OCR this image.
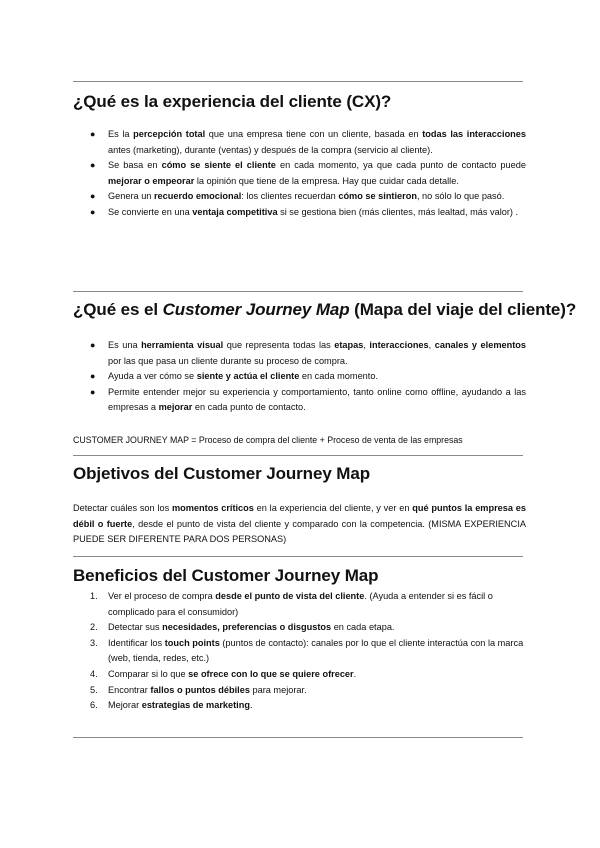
¿Qué es la experiencia del cliente (CX)?
● Es la percepción total que una empresa tiene con un cliente, basada en todas las interacciones antes (marketing), durante (ventas) y después de la compra (servicio al cliente).
● Se basa en cómo se siente el cliente en cada momento, ya que cada punto de contacto puede mejorar o empeorar la opinión que tiene de la empresa. Hay que cuidar cada detalle.
● Genera un recuerdo emocional: los clientes recuerdan cómo se sintieron, no sólo lo que pasó.
● Se convierte en una ventaja competitiva si se gestiona bien (más clientes, más lealtad, más valor) .
¿Qué es el Customer Journey Map (Mapa del viaje del cliente)?
● Es una herramienta visual que representa todas las etapas, interacciones, canales y elementos por las que pasa un cliente durante su proceso de compra.
● Ayuda a ver cómo se siente y actúa el cliente en cada momento.
● Permite entender mejor su experiencia y comportamiento, tanto online como offline, ayudando a las empresas a mejorar en cada punto de contacto.
CUSTOMER JOURNEY MAP = Proceso de compra del cliente + Proceso de venta de las empresas
Objetivos del Customer Journey Map
Detectar cuáles son los momentos críticos en la experiencia del cliente, y ver en qué puntos la empresa es débil o fuerte, desde el punto de vista del cliente y comparado con la competencia. (MISMA EXPERIENCIA PUEDE SER DIFERENTE PARA DOS PERSONAS)
Beneficios del Customer Journey Map
1. Ver el proceso de compra desde el punto de vista del cliente. (Ayuda a entender si es fácil o complicado para el consumidor)
2. Detectar sus necesidades, preferencias o disgustos en cada etapa.
3. Identificar los touch points (puntos de contacto): canales por lo que el cliente interactúa con la marca (web, tienda, redes, etc.)
4. Comparar si lo que se ofrece con lo que se quiere ofrecer.
5. Encontrar fallos o puntos débiles para mejorar.
6. Mejorar estrategias de marketing.
